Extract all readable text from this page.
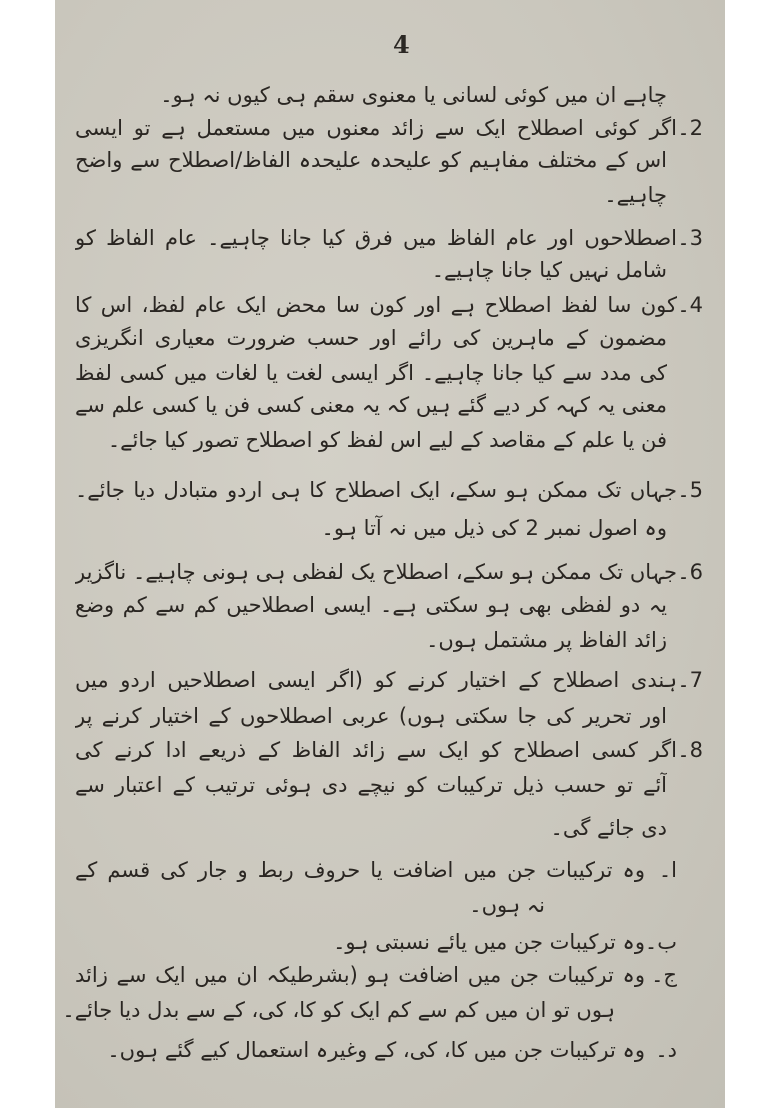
4
چاہے ان میں کوئی لسانی یا معنوی سقم ہی کیوں نہ ہو۔
2۔
اگر کوئی اصطلاح ایک سے زائد معنوں میں مستعمل ہے تو ایسی
اس کے مختلف مفاہیم کو علیحدہ علیحدہ الفاظ/اصطلاح سے واضح
چاہیے۔
3۔
اصطلاحوں اور عام الفاظ میں فرق کیا جانا چاہیے۔ عام الفاظ کو
شامل نہیں کیا جانا چاہیے۔
4۔
کون سا لفظ اصطلاح ہے اور کون سا محض ایک عام لفظ، اس کا
مضمون کے ماہرین کی رائے اور حسب ضرورت معیاری انگریزی
کی مدد سے کیا جانا چاہیے۔ اگر ایسی لغت یا لغات میں کسی لفظ
معنی یہ کہہ کر دیے گئے ہیں کہ یہ معنی کسی فن یا کسی علم سے
فن یا علم کے مقاصد کے لیے اس لفظ کو اصطلاح تصور کیا جائے۔
5۔
جہاں تک ممکن ہو سکے، ایک اصطلاح کا ہی اردو متبادل دیا جائے۔
وہ اصول نمبر 2 کی ذیل میں نہ آتا ہو۔
6۔
جہاں تک ممکن ہو سکے، اصطلاح یک لفظی ہی ہونی چاہیے۔ ناگزیر
یہ دو لفظی بھی ہو سکتی ہے۔ ایسی اصطلاحیں کم سے کم وضع
زائد الفاظ پر مشتمل ہوں۔
7۔
ہندی اصطلاح کے اختیار کرنے کو (اگر ایسی اصطلاحیں اردو میں
اور تحریر کی جا سکتی ہوں) عربی اصطلاحوں کے اختیار کرنے پر
8۔
اگر کسی اصطلاح کو ایک سے زائد الفاظ کے ذریعے ادا کرنے کی
آئے تو حسب ذیل ترکیبات کو نیچے دی ہوئی ترتیب کے اعتبار سے
دی جائے گی۔
ا۔
وہ ترکیبات جن میں اضافت یا حروف ربط و جار کی قسم کے
نہ ہوں۔
ب۔
وہ ترکیبات جن میں یائے نسبتی ہو۔
ج۔
وہ ترکیبات جن میں اضافت ہو (بشرطیکہ ان میں ایک سے زائد
ہوں تو ان میں کم سے کم ایک کو کا، کی، کے سے بدل دیا جائے۔
د۔
وہ ترکیبات جن میں کا، کی، کے وغیرہ استعمال کیے گئے ہوں۔
